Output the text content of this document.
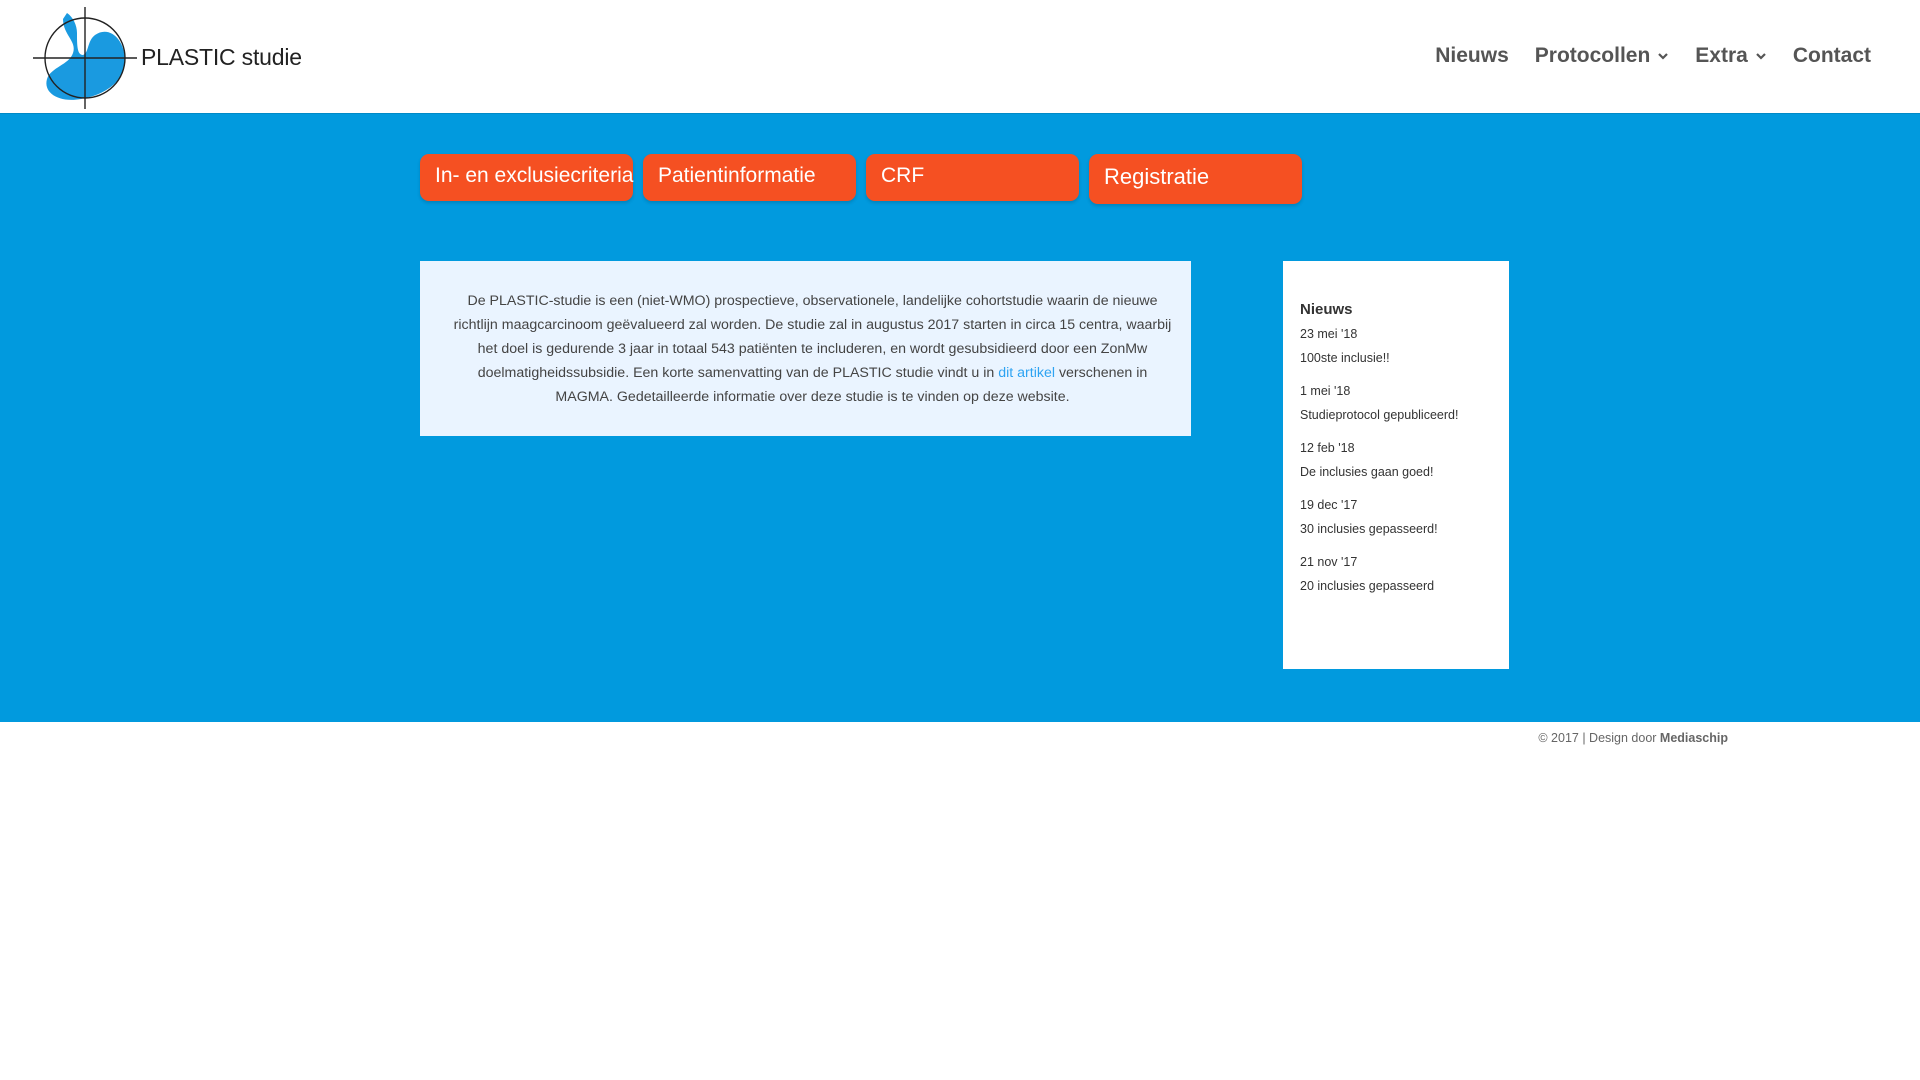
PLASTIC studie	Nieuws Protocollen Extra Contact
In- en exclusiecriteria	Patientinformatie	CRF	Registratie

De PLASTIC-studie is een (niet-WMO) prospectieve, observationele, landelijke cohortstudie waarin de nieuwe richtlijn maagcarcinoom geëvalueerd zal worden. De studie zal in augustus 2017 starten in circa 15 centra, waarbij het doel is gedurende 3 jaar in totaal 543 patiënten te includeren, en wordt gesubsidieerd door een ZonMw doelmatigheidssubsidie. Een korte samenvatting van de PLASTIC studie vindt u in dit artikel verschenen in MAGMA. Gedetailleerde informatie over deze studie is te vinden op deze website.

Nieuws
23 mei '18
100ste inclusie!!
1 mei '18
Studieprotocol gepubliceerd!
12 feb '18
De inclusies gaan goed!
19 dec '17
30 inclusies gepasseerd!
21 nov '17
20 inclusies gepasseerd
© 2017 | Design door Mediaschip
